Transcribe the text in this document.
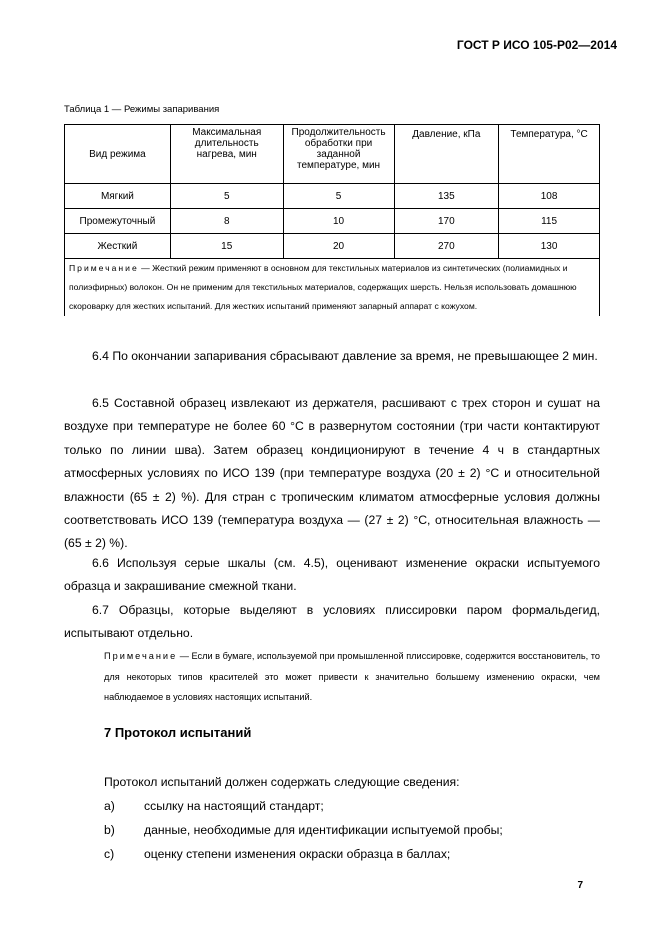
ГОСТ Р ИСО 105-Р02—2014
Таблица 1 — Режимы запаривания
Вид режима	Максимальная длительность нагрева, мин	Продолжительность обработки при заданной температуре, мин	Давление, кПа	Температура, °С
Мягкий	5	5	135	108
Промежуточный	8	10	170	115
Жесткий	15	20	270	130
Примечание — Жесткий режим применяют в основном для текстильных материалов из синтетических (полиамидных и полиэфирных) волокон. Он не применим для текстильных материалов, содержащих шерсть. Нельзя использовать домашнюю скороварку для жестких испытаний. Для жестких испытаний применяют запарный аппарат с кожухом.				
6.4 По окончании запаривания сбрасывают давление за время, не превышающее 2 мин.
6.5 Составной образец извлекают из держателя, расшивают с трех сторон и сушат на воздухе при температуре не более 60 °С в развернутом состоянии (три части контактируют только по линии шва). Затем образец кондиционируют в течение 4 ч в стандартных атмосферных условиях по ИСО 139 (при температуре воздуха (20 ± 2) °С и относительной влажности (65 ± 2) %). Для стран с тропическим климатом атмосферные условия должны соответствовать ИСО 139 (температура воздуха — (27 ± 2) °С, относительная влажность — (65 ± 2) %).
6.6 Используя серые шкалы (см. 4.5), оценивают изменение окраски испытуемого образца и закрашивание смежной ткани.
6.7 Образцы, которые выделяют в условиях плиссировки паром формальдегид, испытывают отдельно.
Примечание — Если в бумаге, используемой при промышленной плиссировке, содержится восстановитель, то для некоторых типов красителей это может привести к значительно большему изменению окраски, чем наблюдаемое в условиях настоящих испытаний.
7 Протокол испытаний
Протокол испытаний должен содержать следующие сведения:
a) ссылку на настоящий стандарт;
b) данные, необходимые для идентификации испытуемой пробы;
c) оценку степени изменения окраски образца в баллах;
7
